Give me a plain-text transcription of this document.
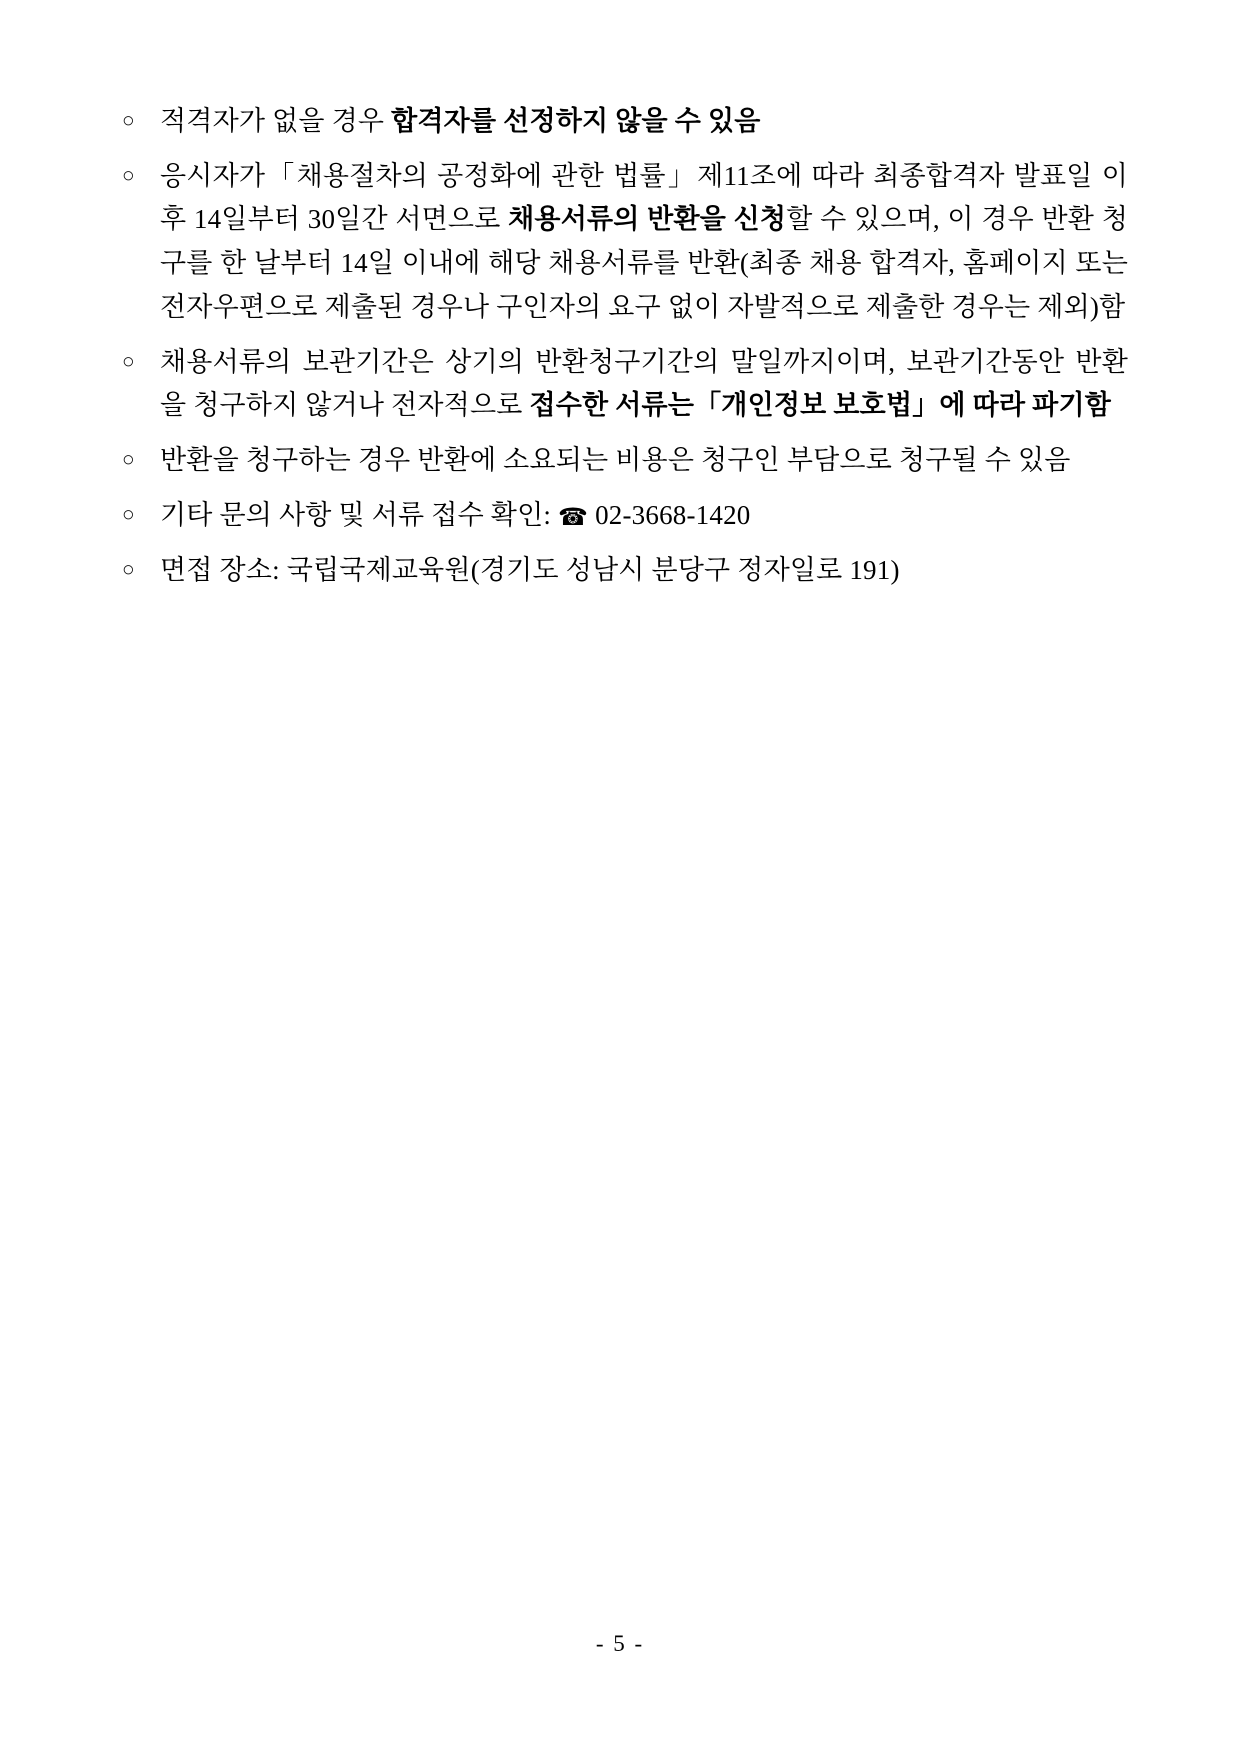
○ 적격자가 없을 경우 합격자를 선정하지 않을 수 있음
○ 응시자가「채용절차의 공정화에 관한 법률」제11조에 따라 최종합격자 발표일 이후 14일부터 30일간 서면으로 채용서류의 반환을 신청할 수 있으며, 이 경우 반환 청구를 한 날부터 14일 이내에 해당 채용서류를 반환(최종 채용 합격자, 홈페이지 또는 전자우편으로 제출된 경우나 구인자의 요구 없이 자발적으로 제출한 경우는 제외)함
○ 채용서류의 보관기간은 상기의 반환청구기간의 말일까지이며, 보관기간동안 반환을 청구하지 않거나 전자적으로 접수한 서류는「개인정보 보호법」에 따라 파기함
○ 반환을 청구하는 경우 반환에 소요되는 비용은 청구인 부담으로 청구될 수 있음
○ 기타 문의 사항 및 서류 접수 확인: ☎ 02-3668-1420
○ 면접 장소: 국립국제교육원(경기도 성남시 분당구 정자일로 191)
- 5 -
